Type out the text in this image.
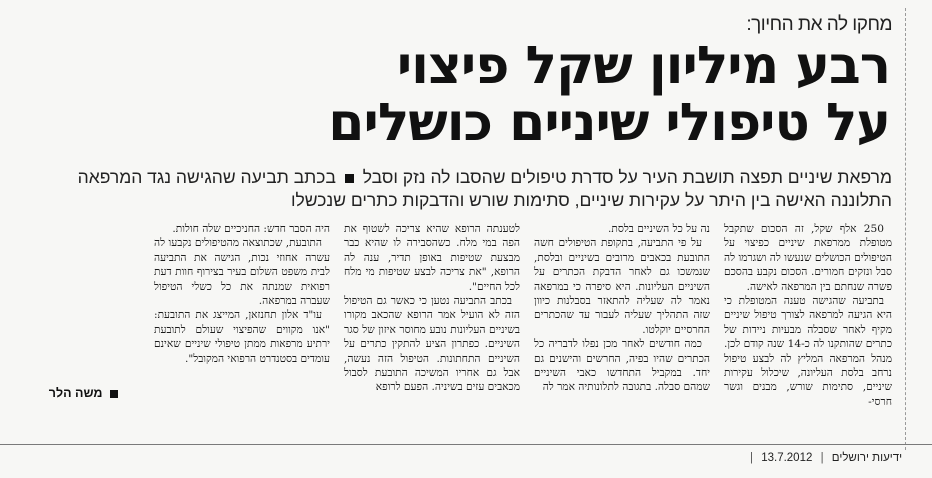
מחקו לה את החיוך:
רבע מיליון שקל פיצוי
על טיפולי שיניים כושלים

מרפאת שיניים תפצה תושבת העיר על סדרת טיפולים שהסבו לה נזק וסבל  בכתב תביעה שהגישה נגד המרפאה התלוננה האישה בין היתר על עקירות שיניים, סתימות שורש והדבקות כתרים שנכשלו

250 אלף שקל, זה הסכום שתקבל מטופלת ממרפאת שיניים כפיצוי על הטיפולים הכושלים שנעשו לה ושגרמו לה סבל ונזקים חמורים. הסכום נקבע בהסכם פשרה שנחתם בין המרפאה לאישה.

בתביעה שהגישה טענה המטופלת כי היא הגיעה למרפאה לצורך טיפול שיניים מקיף לאחר שסבלה מבעיות ניידות של כתרים שהותקנו לה כ-14 שנה קודם לכן. מנהל המרפאה המליץ לה לבצע טיפול נרחב בלסת העליונה, שיכלול עקירות שיניים, סתימות שורש, מבנים וגשר חרסי-

נה על כל השיניים בלסת.

על פי התביעה, בתקופת הטיפולים חשה התובעת בכאבים מרובים בשיניים ובלסת, שנמשכו גם לאחר הדבקת הכתרים על השיניים העליונות. היא סיפרה כי במרפאה נאמר לה שעליה להתאזר בסבלנות כיוון שזה התהליך שעליה לעבור עד שהכתרים החרסיים יוקלטו.

כמה חודשים לאחר מכן נפלו לדבריה כל הכתרים שהיו בפיה, החרשים והישנים גם יחד. במקביל התחדשו כאבי השיניים שמהם סבלה. בתגובה לתלונותיה אמר לה

לטענתה הרופא שהיא צריכה לשטוף את הפה במי מלח. כשהסבירה לו שהיא כבר מבצעת שטיפות באופן תדיר, ענה לה הרופא, "את צריכה לבצע שטיפות מי מלח לכל החיים".

בכתב התביעה נטען כי כאשר גם הטיפול הזה לא הועיל אמר הרופא שהכאב מקורו בשיניים העליונות נובע מחוסר איזון של סגר השיניים. כפתרון הציע להתקין כתרים על השיניים התחתונות. הטיפול הזה נעשה, אבל גם אחריו המשיכה התובעת לסבול מכאבים עזים בשיניה. הפעם לרופא

היה הסבר חדש: החניכיים שלה חולות.

התובעת, שכתוצאה מהטיפולים נקבעו לה עשרה אחוזי נכות, הגישה את התביעה לבית משפט השלום בעיר בצירוף חוות דעת רפואית שמנתה את כל כשלי הטיפול שעברה במרפאה.

עו"ד אלון תחנזאן, המייצג את התובעת: "אנו מקווים שהפיצוי שעולם לתובעת ירתיע מרפאות ממתן טיפולי שיניים שאינם עומדים בסטנדרט הרפואי המקובל".

משה הלר
|	ידיעות ירושלים | 13.7.2012
